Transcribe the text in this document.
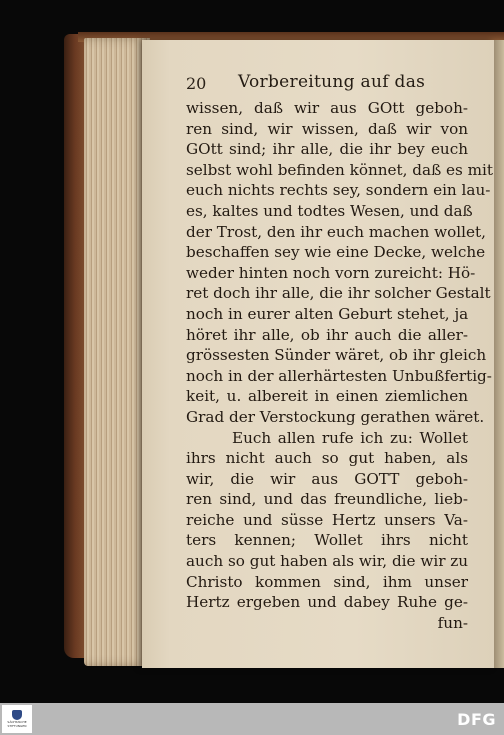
20 Vorbereitung auf das
wissen, daß wir aus GOtt geboh-
ren sind, wir wissen, daß wir von
GOtt sind; ihr alle, die ihr bey euch
selbst wohl befinden könnet, daß es mit
euch nichts rechts sey, sondern ein lau-
es, kaltes und todtes Wesen, und daß
der Trost, den ihr euch machen wollet,
beschaffen sey wie eine Decke, welche
weder hinten noch vorn zureicht: Hö-
ret doch ihr alle, die ihr solcher Gestalt
noch in eurer alten Geburt stehet, ja
höret ihr alle, ob ihr auch die aller-
grössesten Sünder wäret, ob ihr gleich
noch in der allerhärtesten Unbußfertig-
keit, u. albereit in einen ziemlichen
Grad der Verstockung gerathen wäret.
Euch allen rufe ich zu: Wollet
ihrs nicht auch so gut haben, als
wir, die wir aus GOTT geboh-
ren sind, und das freundliche, lieb-
reiche und süsse Hertz unsers Va-
ters kennen; Wollet ihrs nicht
auch so gut haben als wir, die wir zu
Christo kommen sind, ihm unser
Hertz ergeben und dabey Ruhe ge-
fun-
SÄCHSISCHE STIFTUNGEN	DFG
